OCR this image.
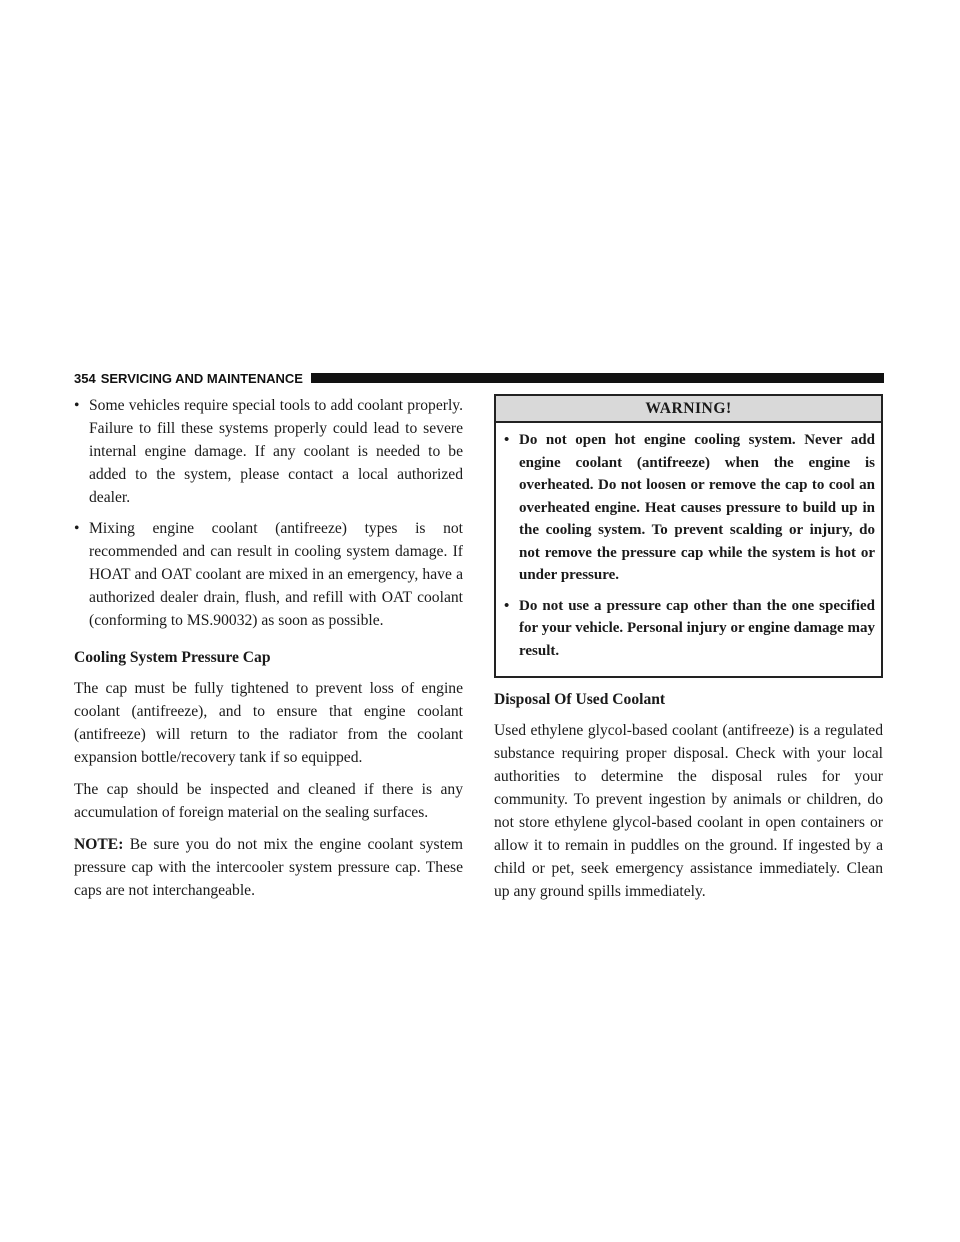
354 SERVICING AND MAINTENANCE
• Some vehicles require special tools to add coolant properly. Failure to fill these systems properly could lead to severe internal engine damage. If any coolant is needed to be added to the system, please contact a local authorized dealer.
• Mixing engine coolant (antifreeze) types is not recommended and can result in cooling system damage. If HOAT and OAT coolant are mixed in an emergency, have a authorized dealer drain, flush, and refill with OAT coolant (conforming to MS.90032) as soon as possible.
Cooling System Pressure Cap

The cap must be fully tightened to prevent loss of engine coolant (antifreeze), and to ensure that engine coolant (antifreeze) will return to the radiator from the coolant expansion bottle/recovery tank if so equipped.

The cap should be inspected and cleaned if there is any accumulation of foreign material on the sealing surfaces.

NOTE: Be sure you do not mix the engine coolant system pressure cap with the intercooler system pressure cap. These caps are not interchangeable.

WARNING!
• Do not open hot engine cooling system. Never add engine coolant (antifreeze) when the engine is overheated. Do not loosen or remove the cap to cool an overheated engine. Heat causes pressure to build up in the cooling system. To prevent scalding or injury, do not remove the pressure cap while the system is hot or under pressure.
• Do not use a pressure cap other than the one specified for your vehicle. Personal injury or engine damage may result.
Disposal Of Used Coolant

Used ethylene glycol-based coolant (antifreeze) is a regulated substance requiring proper disposal. Check with your local authorities to determine the disposal rules for your community. To prevent ingestion by animals or children, do not store ethylene glycol-based coolant in open containers or allow it to remain in puddles on the ground. If ingested by a child or pet, seek emergency assistance immediately. Clean up any ground spills immediately.
